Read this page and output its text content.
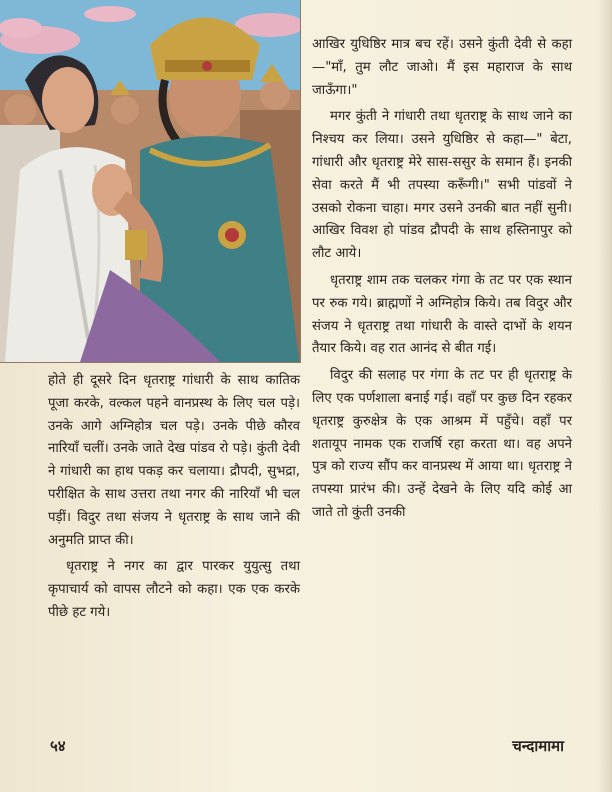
होते ही दूसरे दिन धृतराष्ट्र गांधारी के साथ कातिक पूजा करके, वल्कल पहने वानप्रस्थ के लिए चल पड़े। उनके आगे अग्निहोत्र चल पड़े। उनके पीछे कौरव नारियाँ चलीं। उनके जाते देख पांडव रो पड़े। कुंती देवी ने गांधारी का हाथ पकड़ कर चलाया। द्रौपदी, सुभद्रा, परीक्षित के साथ उत्तरा तथा नगर की नारियाँ भी चल पड़ीं। विदुर तथा संजय ने धृतराष्ट्र के साथ जाने की अनुमति प्राप्त की।

धृतराष्ट्र ने नगर का द्वार पारकर युयुत्सु तथा कृपाचार्य को वापस लौटने को कहा। एक एक करके पीछे हट गये।

आखिर युधिष्ठिर मात्र बच रहें। उसने कुंती देवी से कहा—"माँ, तुम लौट जाओ। मैं इस महाराज के साथ जाऊँगा।"

मगर कुंती ने गांधारी तथा धृतराष्ट्र के साथ जाने का निश्चय कर लिया। उसने युधिष्ठिर से कहा—" बेटा, गांधारी और धृतराष्ट्र मेरे सास-ससुर के समान हैं। इनकी सेवा करते मैं भी तपस्या करूँगी।" सभी पांडवों ने उसको रोकना चाहा। मगर उसने उनकी बात नहीं सुनी। आखिर विवश हो पांडव द्रौपदी के साथ हस्तिनापुर को लौट आये।

धृतराष्ट्र शाम तक चलकर गंगा के तट पर एक स्थान पर रुक गये। ब्राह्मणों ने अग्निहोत्र किये। तब विदुर और संजय ने धृतराष्ट्र तथा गांधारी के वास्ते दाभों के शयन तैयार किये। वह रात आनंद से बीत गई।

विदुर की सलाह पर गंगा के तट पर ही धृतराष्ट्र के लिए एक पर्णशाला बनाई गई। वहाँ पर कुछ दिन रहकर धृतराष्ट्र कुरुक्षेत्र के एक आश्रम में पहुँचे। वहाँ पर शतायूप नामक एक राजर्षि रहा करता था। वह अपने पुत्र को राज्य सौंप कर वानप्रस्थ में आया था। धृतराष्ट्र ने तपस्या प्रारंभ की। उन्हें देखने के लिए यदि कोई आ जाते तो कुंती उनकी

५४	चन्दामामा
